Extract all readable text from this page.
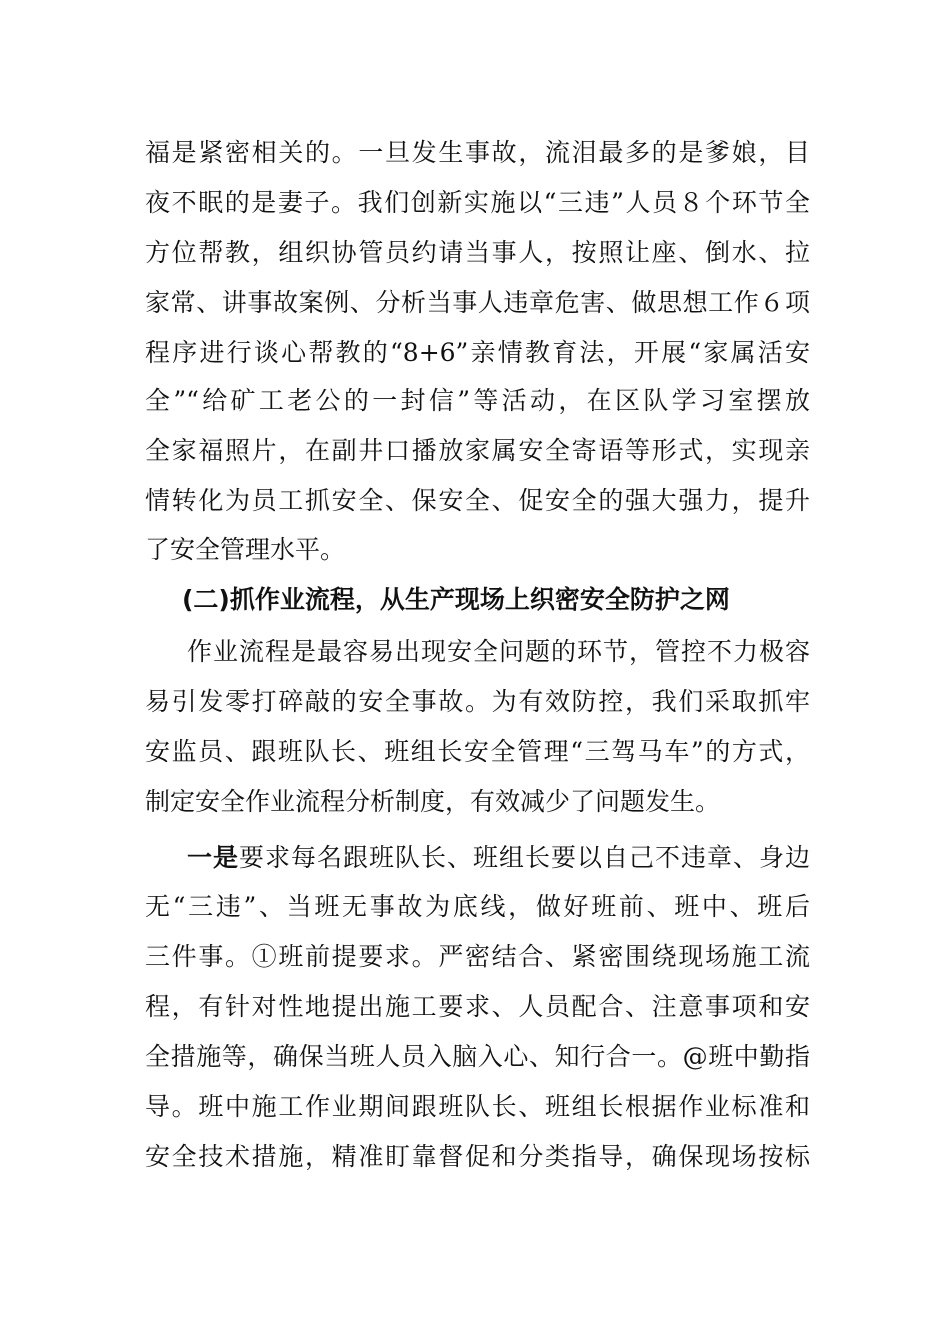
福是紧密相关的。一旦发生事故，流泪最多的是爹娘，目
夜不眠的是妻子。我们创新实施以“三违”人员８个环节全
方位帮教，组织协管员约请当事人，按照让座、倒水、拉
家常、讲事故案例、分析当事人违章危害、做思想工作６项
程序进行谈心帮教的“8+6”亲情教育法，开展“家属活安
全”“给矿工老公的一封信”等活动，在区队学习室摆放
全家福照片，在副井口播放家属安全寄语等形式，实现亲
情转化为员工抓安全、保安全、促安全的强大强力，提升
了安全管理水平。
(二)抓作业流程，从生产现场上织密安全防护之网
作业流程是最容易出现安全问题的环节，管控不力极容
易引发零打碎敲的安全事故。为有效防控，我们采取抓牢
安监员、跟班队长、班组长安全管理“三驾马车”的方式，
制定安全作业流程分析制度，有效减少了问题发生。
一是要求每名跟班队长、班组长要以自己不违章、身边
无“三违”、当班无事故为底线，做好班前、班中、班后
三件事。①班前提要求。严密结合、紧密围绕现场施工流
程，有针对性地提出施工要求、人员配合、注意事项和安
全措施等，确保当班人员入脑入心、知行合一。@班中勤指
导。班中施工作业期间跟班队长、班组长根据作业标准和
安全技术措施，精准盯靠督促和分类指导，确保现场按标
